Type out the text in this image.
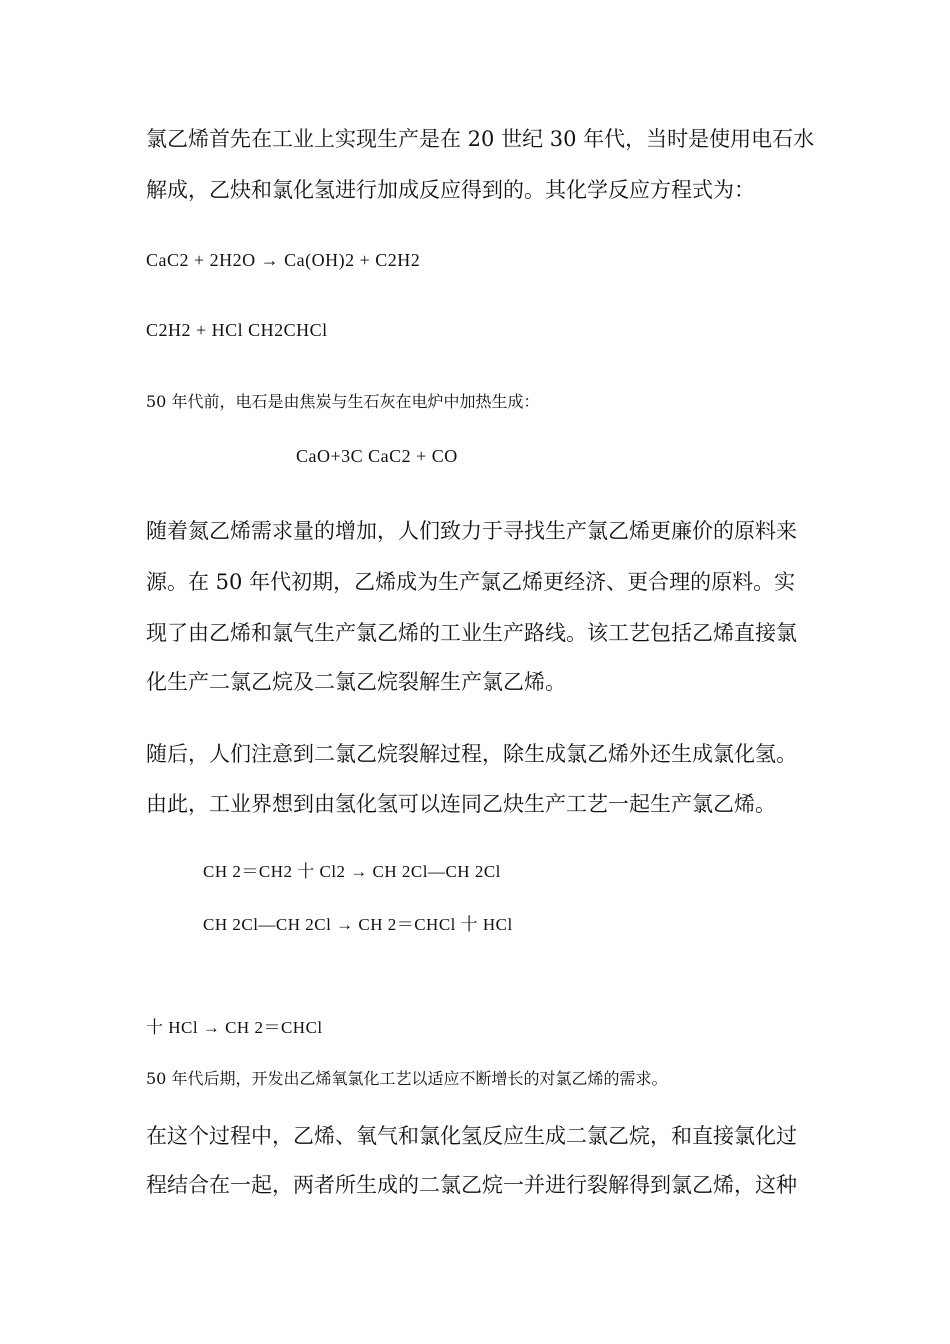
氯乙烯首先在工业上实现生产是在 20 世纪 30 年代，当时是使用电石水
解成，乙炔和氯化氢进行加成反应得到的。其化学反应方程式为：
CaC2 + 2H2O → Ca(OH)2 + C2H2
C2H2 + HCl CH2CHCl
50 年代前，电石是由焦炭与生石灰在电炉中加热生成：
CaO+3C CaC2 + CO
随着氮乙烯需求量的增加，人们致力于寻找生产氯乙烯更廉价的原料来
源。在 50 年代初期，乙烯成为生产氯乙烯更经济、更合理的原料。实
现了由乙烯和氯气生产氯乙烯的工业生产路线。该工艺包括乙烯直接氯
化生产二氯乙烷及二氯乙烷裂解生产氯乙烯。
随后，人们注意到二氯乙烷裂解过程，除生成氯乙烯外还生成氯化氢。
由此，工业界想到由氢化氢可以连同乙炔生产工艺一起生产氯乙烯。
CH 2＝CH2 十 Cl2 → CH 2Cl—CH 2Cl
CH 2Cl—CH 2Cl → CH 2＝CHCl 十 HCl
十 HCl → CH 2＝CHCl
50 年代后期，开发出乙烯氧氯化工艺以适应不断增长的对氯乙烯的需求。
在这个过程中，乙烯、氧气和氯化氢反应生成二氯乙烷，和直接氯化过
程结合在一起，两者所生成的二氯乙烷一并进行裂解得到氯乙烯，这种
